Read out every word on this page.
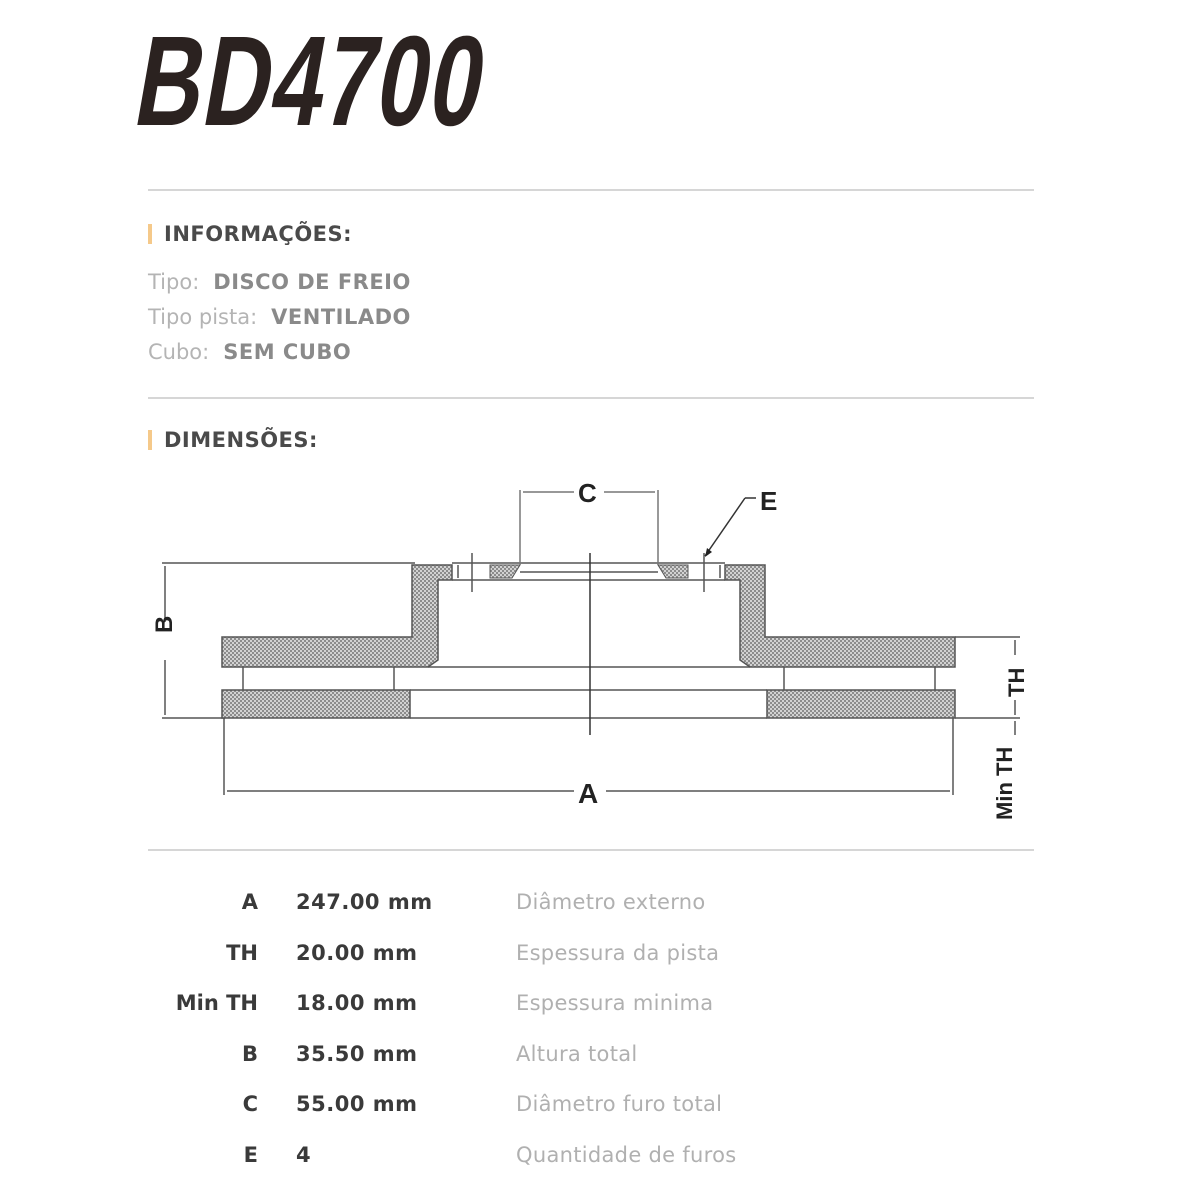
BD4700
INFORMAÇÕES:
Tipo: DISCO DE FREIO
Tipo pista: VENTILADO
Cubo: SEM CUBO
DIMENSÕES:
B
C	E
A
TH
Min TH
A 247.00 mm	Diâmetro externo
TH 20.00 mm	Espessura da pista
Min TH 18.00 mm	Espessura minima
B 35.50 mm	Altura total
C 55.00 mm	Diâmetro furo total
E 4	Quantidade de furos
